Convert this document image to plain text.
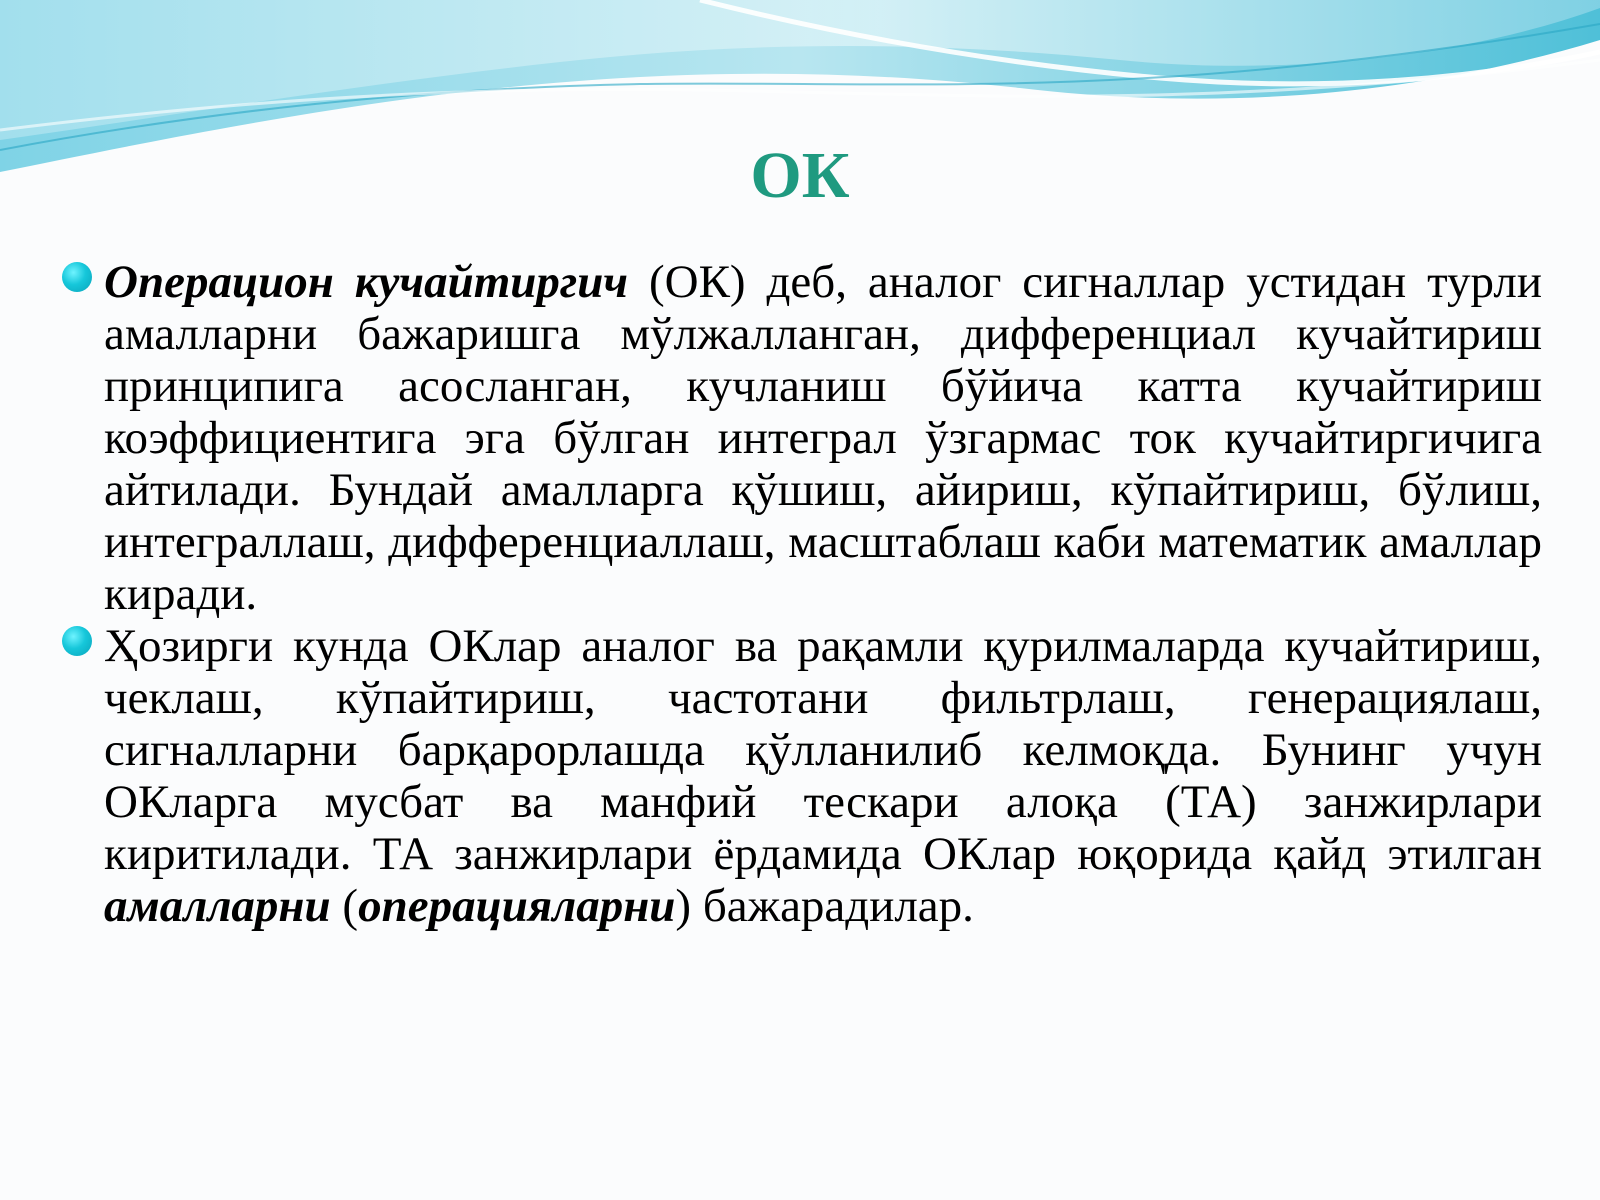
ОК

Операцион кучайтиргич (ОК) деб, аналог сигналлар устидан турли амалларни бажаришга мўлжалланган, дифференциал кучайтириш принципига асосланган, кучланиш бўйича катта кучайтириш коэффициентига эга бўлган интеграл ўзгармас ток кучайтиргичига айтилади. Бундай амалларга қўшиш, айириш, кўпайтириш, бўлиш, интеграллаш, дифференциаллаш, масштаблаш каби математик амаллар киради.

Ҳозирги кунда ОКлар аналог ва рақамли қурилмаларда кучайтириш, чеклаш, кўпайтириш, частотани фильтрлаш, генерациялаш, сигналларни барқарорлашда қўлланилиб келмоқда. Бунинг учун ОКларга мусбат ва манфий тескари алоқа (ТА) занжирлари киритилади. ТА занжирлари ёрдамида ОКлар юқорида қайд этилган амалларни (операцияларни) бажарадилар.
